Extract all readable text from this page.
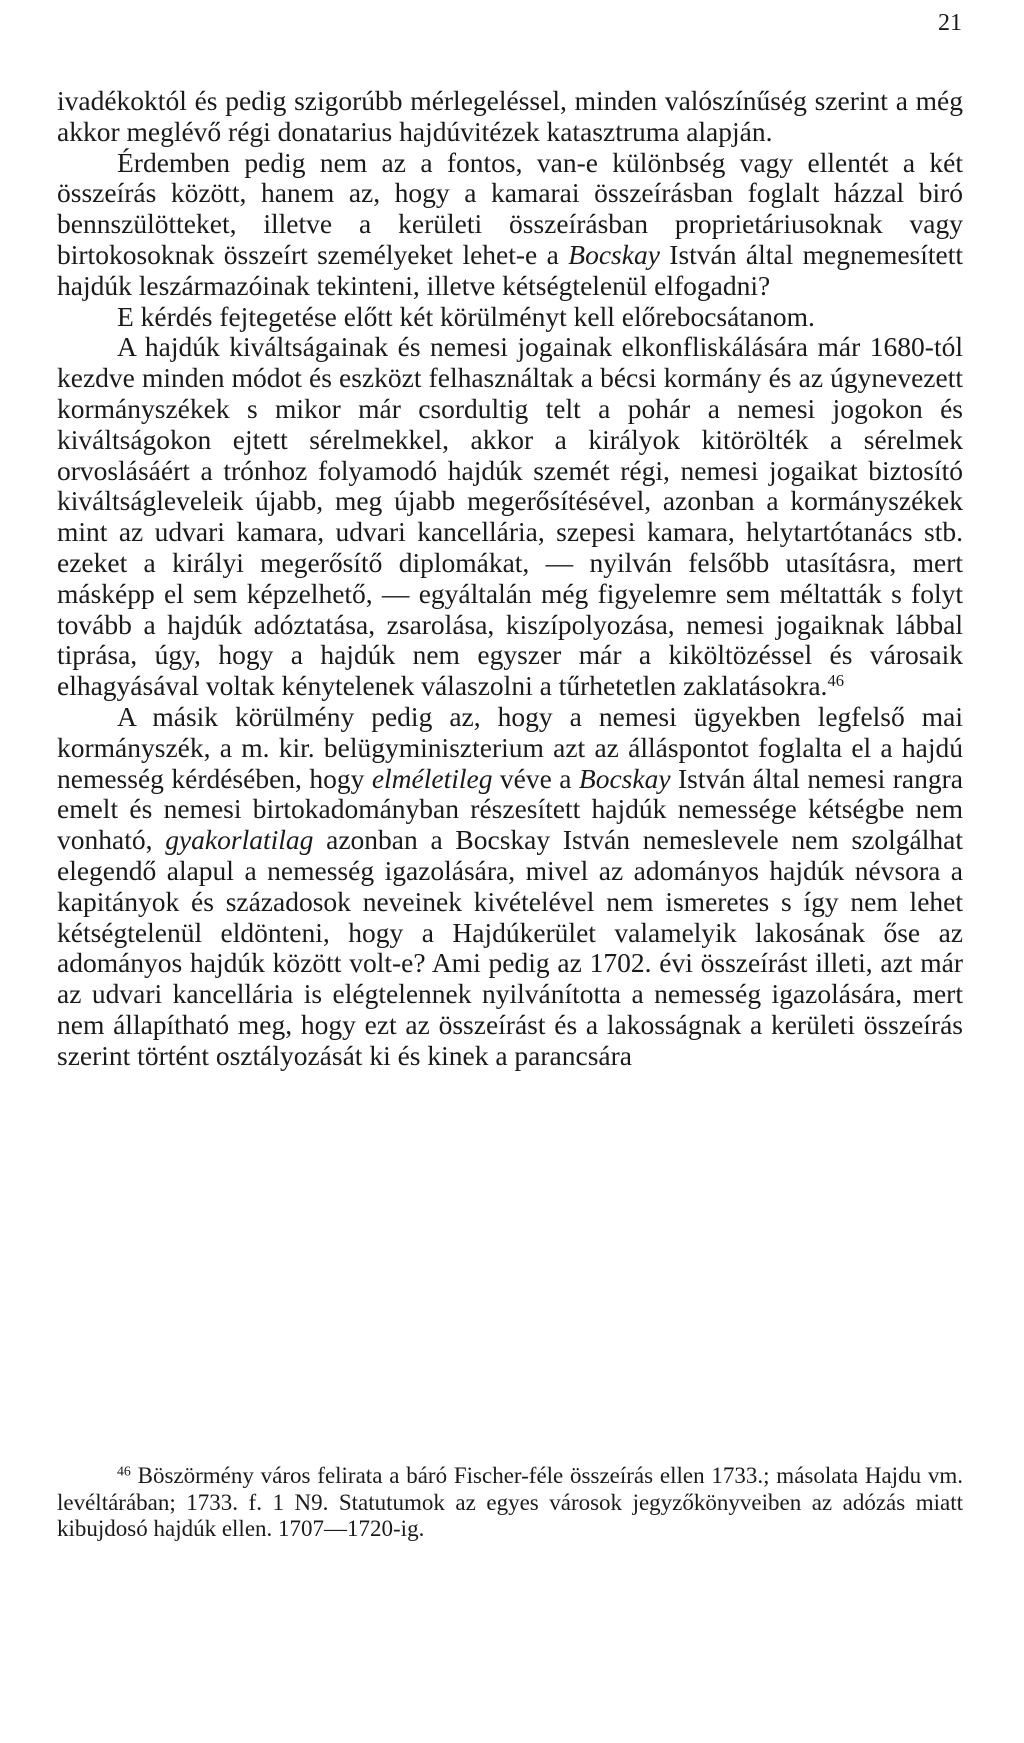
21

ivadékoktól és pedig szigorúbb mérlegeléssel, minden valószínűség szerint a még akkor meglévő régi donatarius hajdúvitézek katasztruma alapján.

Érdemben pedig nem az a fontos, van-e különbség vagy ellentét a két összeírás között, hanem az, hogy a kamarai összeírásban foglalt házzal biró bennszülötteket, illetve a kerületi összeírásban proprietáriusoknak vagy birtokosoknak összeírt személyeket lehet-e a Bocskay István által megnemesített hajdúk leszármazóinak tekinteni, illetve kétségtelenül elfogadni?

E kérdés fejtegetése előtt két körülményt kell előrebocsátanom.

A hajdúk kiváltságainak és nemesi jogainak elkonfliskálására már 1680-tól kezdve minden módot és eszközt felhasználtak a bécsi kormány és az úgynevezett kormányszékek s mikor már csordultig telt a pohár a nemesi jogokon és kiváltságokon ejtett sérelmekkel, akkor a királyok kitörölték a sérelmek orvoslásáért a trónhoz folyamodó hajdúk szemét régi, nemesi jogaikat biztosító kiváltságleveleik újabb, meg újabb megerősítésével, azonban a kormányszékek mint az udvari kamara, udvari kancellária, szepesi kamara, helytartótanács stb. ezeket a királyi megerősítő diplomákat, — nyilván felsőbb utasításra, mert másképp el sem képzelhető, — egyáltalán még figyelemre sem méltatták s folyt tovább a hajdúk adóztatása, zsarolása, kiszípolyozása, nemesi jogaiknak lábbal tiprása, úgy, hogy a hajdúk nem egyszer már a kiköltözéssel és városaik elhagyásával voltak kénytelenek válaszolni a tűrhetetlen zaklatásokra.$^{46}$

A másik körülmény pedig az, hogy a nemesi ügyekben legfelső mai kormányszék, a m. kir. belügyminiszterium azt az álláspontot foglalta el a hajdú nemesség kérdésében, hogy elméletileg véve a Bocskay István által nemesi rangra emelt és nemesi birtokadományban részesített hajdúk nemessége kétségbe nem vonható, gyakorlatilag azonban a Bocskay István nemeslevele nem szolgálhat elegendő alapul a nemesség igazolására, mivel az adományos hajdúk névsora a kapitányok és századosok neveinek kivételével nem ismeretes s így nem lehet kétségtelenül eldönteni, hogy a Hajdúkerület valamelyik lakosának őse az adományos hajdúk között volt-e? Ami pedig az 1702. évi összeírást illeti, azt már az udvari kancellária is elégtelennek nyilvánította a nemesség igazolására, mert nem állapítható meg, hogy ezt az összeírást és a lakosságnak a kerületi összeírás szerint történt osztályozását ki és kinek a parancsára

$^{46}$ Böszörmény város felirata a báró Fischer-féle összeírás ellen 1733.; másolata Hajdu vm. levéltárában; 1733. f. 1 N9. Statutumok az egyes városok jegyzőkönyveiben az adózás miatt kibujdosó hajdúk ellen. 1707—1720-ig.
